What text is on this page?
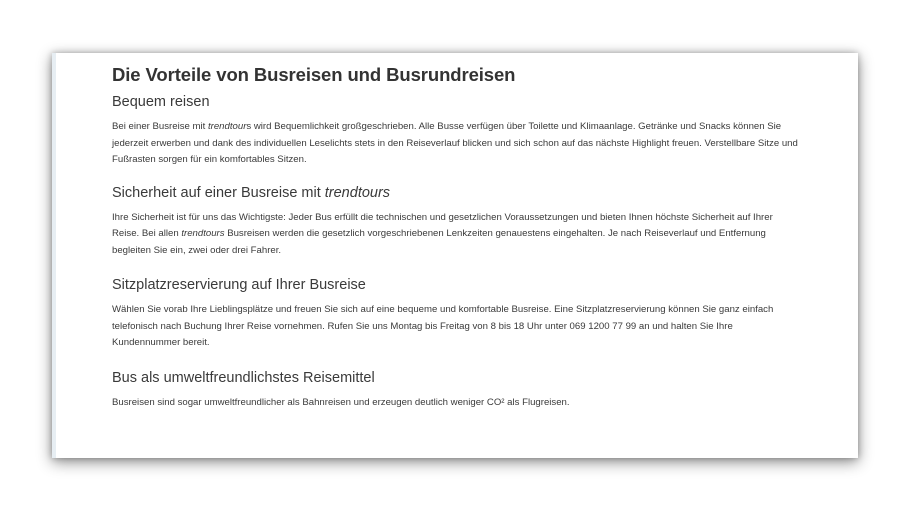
Die Vorteile von Busreisen und Busrundreisen
Bequem reisen

Bei einer Busreise mit trendtours wird Bequemlichkeit großgeschrieben. Alle Busse verfügen über Toilette und Klimaanlage. Getränke und Snacks können Sie jederzeit erwerben und dank des individuellen Leselichts stets in den Reiseverlauf blicken und sich schon auf das nächste Highlight freuen. Verstellbare Sitze und Fußrasten sorgen für ein komfortables Sitzen.

Sicherheit auf einer Busreise mit trendtours

Ihre Sicherheit ist für uns das Wichtigste: Jeder Bus erfüllt die technischen und gesetzlichen Voraussetzungen und bieten Ihnen höchste Sicherheit auf Ihrer Reise. Bei allen trendtours Busreisen werden die gesetzlich vorgeschriebenen Lenkzeiten genauestens eingehalten. Je nach Reiseverlauf und Entfernung begleiten Sie ein, zwei oder drei Fahrer.

Sitzplatzreservierung auf Ihrer Busreise

Wählen Sie vorab Ihre Lieblingsplätze und freuen Sie sich auf eine bequeme und komfortable Busreise. Eine Sitzplatzreservierung können Sie ganz einfach telefonisch nach Buchung Ihrer Reise vornehmen. Rufen Sie uns Montag bis Freitag von 8 bis 18 Uhr unter 069 1200 77 99 an und halten Sie Ihre Kundennummer bereit.

Bus als umweltfreundlichstes Reisemittel

Busreisen sind sogar umweltfreundlicher als Bahnreisen und erzeugen deutlich weniger CO² als Flugreisen.
